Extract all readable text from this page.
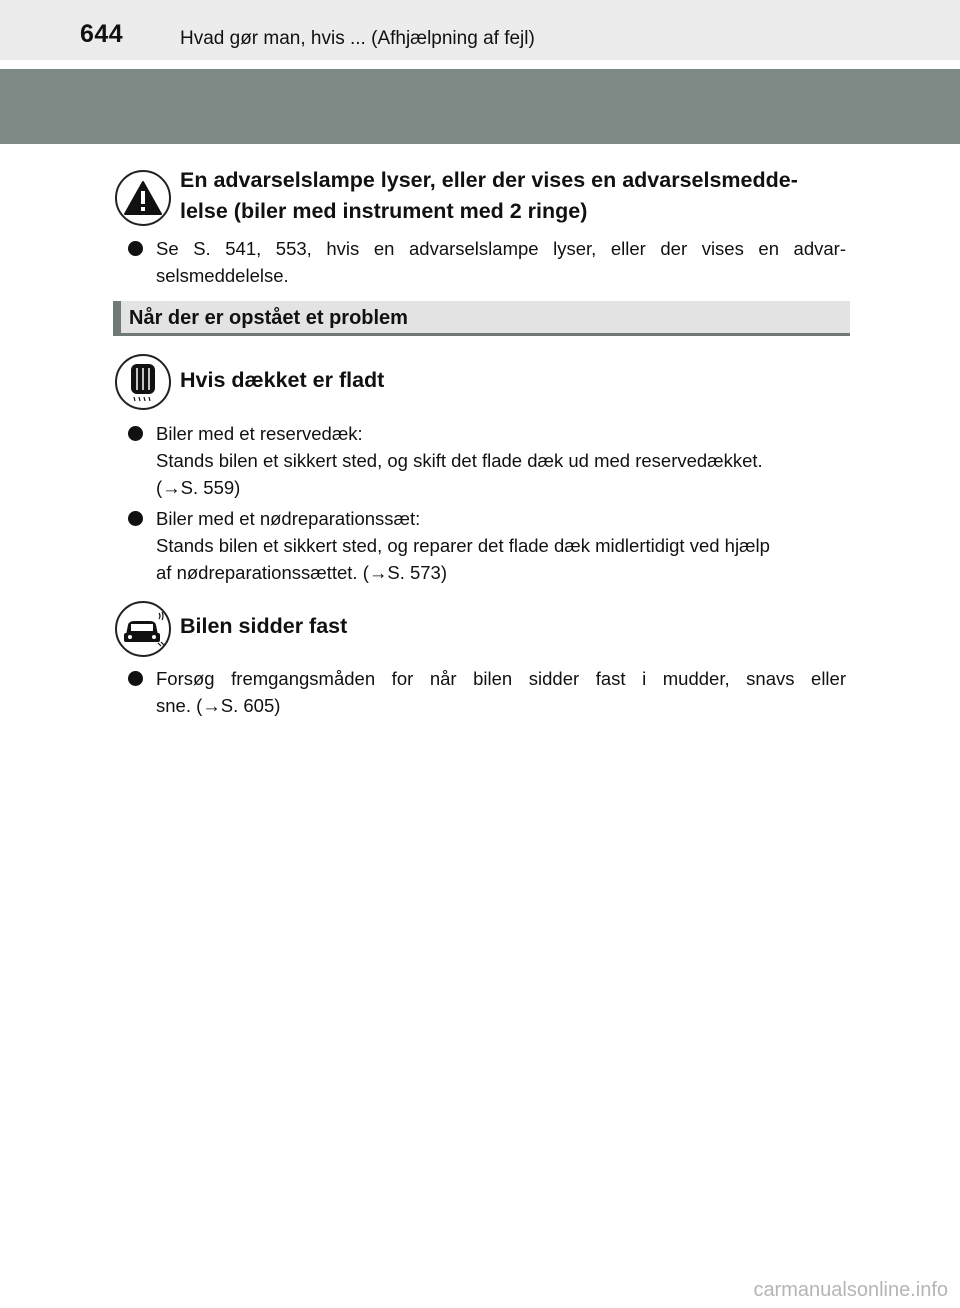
644	Hvad gør man, hvis ... (Afhjælpning af fejl)
En advarselslampe lyser, eller der vises en advarselsmedde-
lelse (biler med instrument med 2 ringe)
Se S. 541, 553, hvis en advarselslampe lyser, eller der vises en advar-
selsmeddelelse.
Når der er opstået et problem
Hvis dækket er fladt
Biler med et reservedæk:
Stands bilen et sikkert sted, og skift det flade dæk ud med reservedækket.
(→S. 559)
Biler med et nødreparationssæt:
Stands bilen et sikkert sted, og reparer det flade dæk midlertidigt ved hjælp
af nødreparationssættet. (→S. 573)
Bilen sidder fast
Forsøg fremgangsmåden for når bilen sidder fast i mudder, snavs eller
sne. (→S. 605)
carmanualsonline.info
